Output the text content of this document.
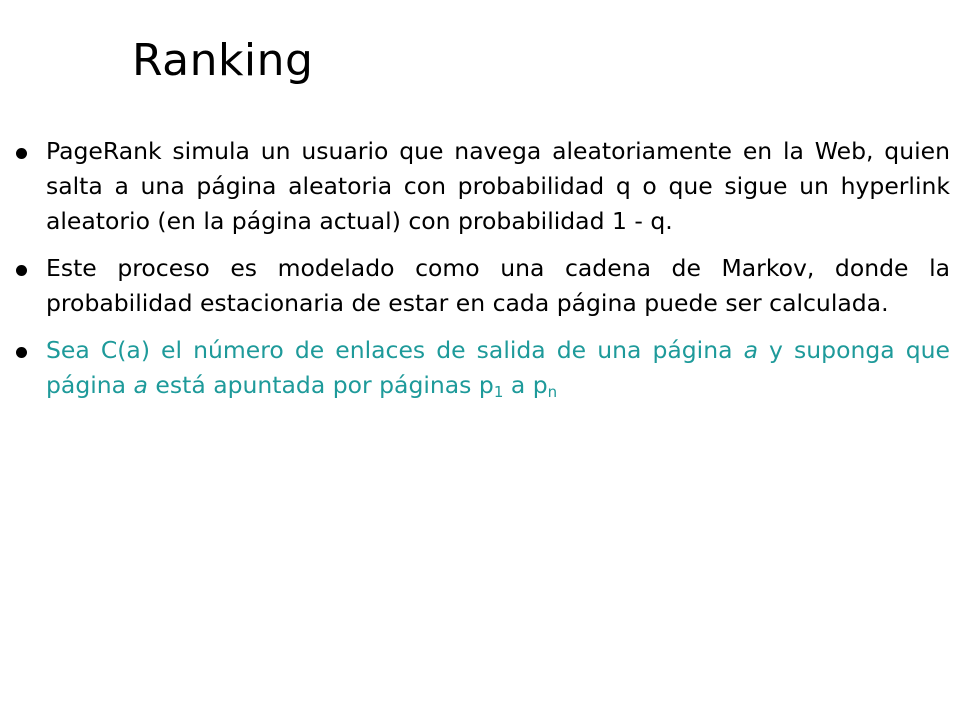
Ranking
PageRank simula un usuario que navega aleatoriamente en la Web, quien salta a una página aleatoria con probabilidad q o que sigue un hyperlink aleatorio (en la página actual) con probabilidad 1 - q.
Este proceso es modelado como una cadena de Markov, donde la probabilidad estacionaria de estar en cada página puede ser calculada.
Sea C(a) el número de enlaces de salida de una página a y suponga que página a está apuntada por páginas $p_1$ a $p_n$
